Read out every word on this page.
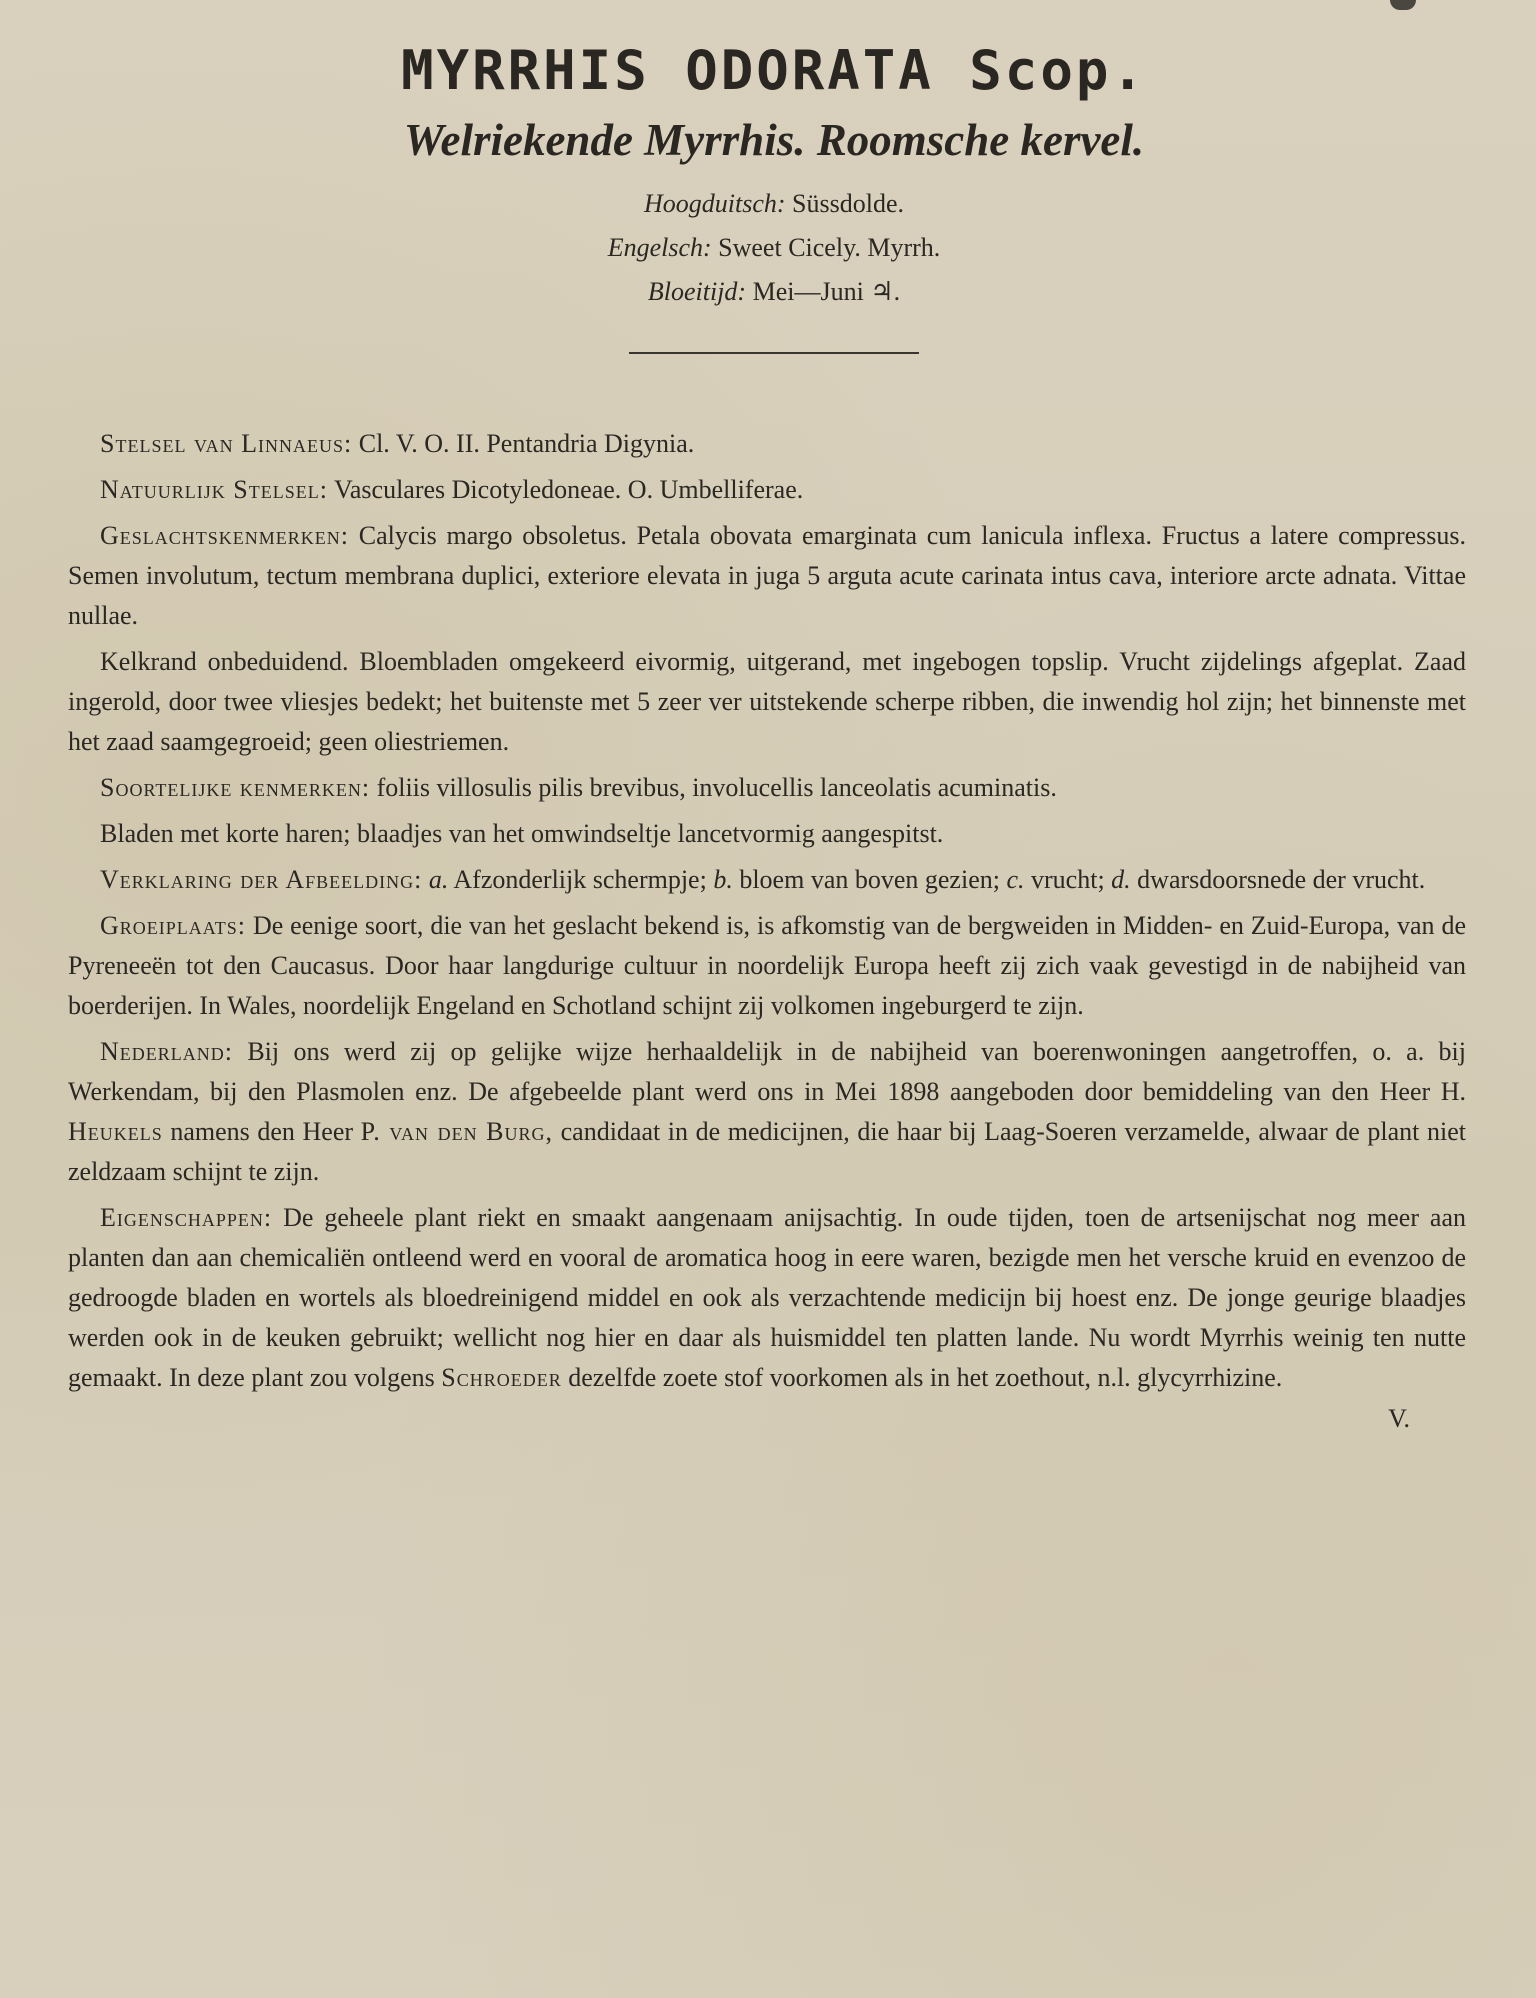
MYRRHIS ODORATA Scop.
Welriekende Myrrhis. Roomsche kervel.
Hoogduitsch: Süssdolde.
Engelsch: Sweet Cicely. Myrrh.
Bloeitijd: Mei—Juni ♃.

Stelsel van Linnaeus: Cl. V. O. II. Pentandria Digynia.

Natuurlijk Stelsel: Vasculares Dicotyledoneae. O. Umbelliferae.

Geslachtskenmerken: Calycis margo obsoletus. Petala obovata emarginata cum lanicula inflexa. Fructus a latere compressus. Semen involutum, tectum membrana duplici, exteriore elevata in juga 5 arguta acute carinata intus cava, interiore arcte adnata. Vittae nullae.

Kelkrand onbeduidend. Bloembladen omgekeerd eivormig, uitgerand, met ingebogen topslip. Vrucht zijdelings afgeplat. Zaad ingerold, door twee vliesjes bedekt; het buitenste met 5 zeer ver uitstekende scherpe ribben, die inwendig hol zijn; het binnenste met het zaad saamgegroeid; geen oliestriemen.

Soortelijke kenmerken: foliis villosulis pilis brevibus, involucellis lanceolatis acuminatis.

Bladen met korte haren; blaadjes van het omwindseltje lancetvormig aangespitst.

Verklaring der Afbeelding: a. Afzonderlijk schermpje; b. bloem van boven gezien; c. vrucht; d. dwarsdoorsnede der vrucht.

Groeiplaats: De eenige soort, die van het geslacht bekend is, is afkomstig van de bergweiden in Midden- en Zuid-Europa, van de Pyreneeën tot den Caucasus. Door haar langdurige cultuur in noordelijk Europa heeft zij zich vaak gevestigd in de nabijheid van boerderijen. In Wales, noordelijk Engeland en Schotland schijnt zij volkomen ingeburgerd te zijn.

Nederland: Bij ons werd zij op gelijke wijze herhaaldelijk in de nabijheid van boerenwoningen aangetroffen, o. a. bij Werkendam, bij den Plasmolen enz. De afgebeelde plant werd ons in Mei 1898 aangeboden door bemiddeling van den Heer H. Heukels namens den Heer P. van den Burg, candidaat in de medicijnen, die haar bij Laag-Soeren verzamelde, alwaar de plant niet zeldzaam schijnt te zijn.

Eigenschappen: De geheele plant riekt en smaakt aangenaam anijsachtig. In oude tijden, toen de artsenijschat nog meer aan planten dan aan chemicaliën ontleend werd en vooral de aromatica hoog in eere waren, bezigde men het versche kruid en evenzoo de gedroogde bladen en wortels als bloedreinigend middel en ook als verzachtende medicijn bij hoest enz. De jonge geurige blaadjes werden ook in de keuken gebruikt; wellicht nog hier en daar als huismiddel ten platten lande. Nu wordt Myrrhis weinig ten nutte gemaakt. In deze plant zou volgens Schroeder dezelfde zoete stof voorkomen als in het zoethout, n.l. glycyrrhizine.

V.
